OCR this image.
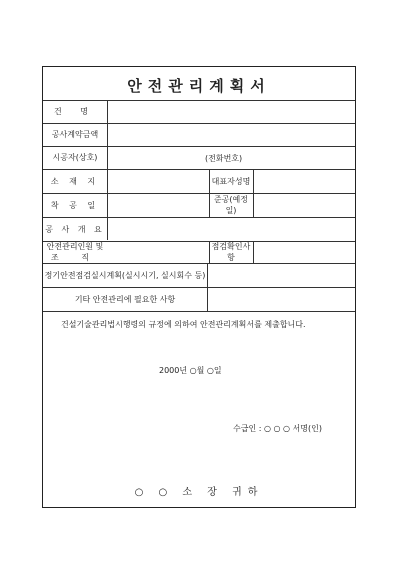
안전관리계획서
건 명
공사계약금액
시공자(상호)	(전화번호)
소 재 지	대표자성명
착 공 일
준공(예정일)
공 사 개 요
안전관리인원 및
조 직
점검확인사항
정기안전점검실시계획(실시시기, 실시회수 등)
기타 안전관리에 필요한 사항
건설기술관리법시행령의 규정에 의하여 안전관리계획서를 제출합니다.
2000년 ○월 ○일
수급인 : ○ ○ ○ 서명(인)
○ ○ 소 장 귀하
